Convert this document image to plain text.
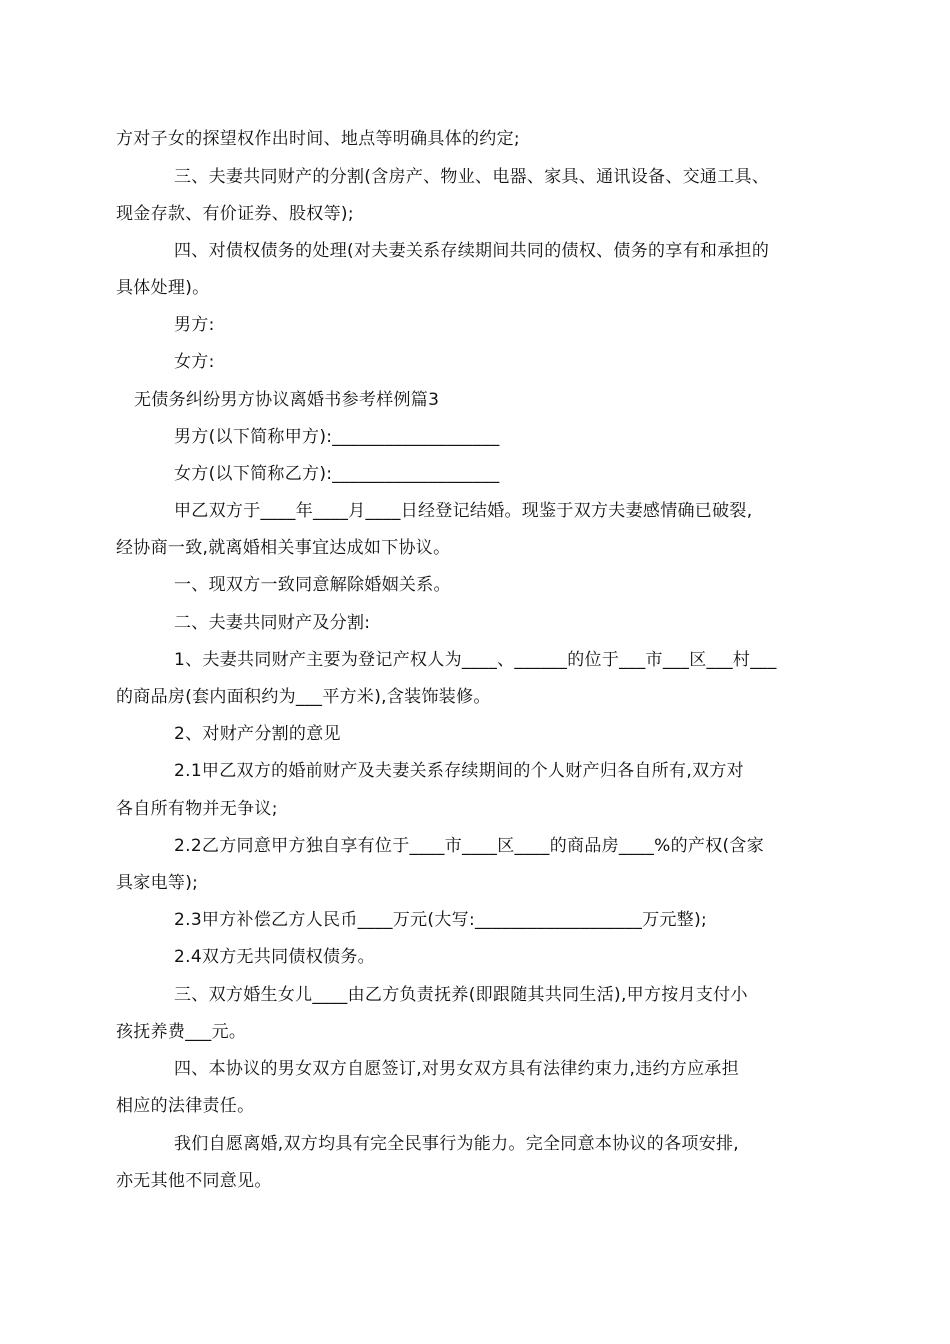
方对子女的探望权作出时间、地点等明确具体的约定;
三、夫妻共同财产的分割(含房产、物业、电器、家具、通讯设备、交通工具、
现金存款、有价证券、股权等);
四、对债权债务的处理(对夫妻关系存续期间共同的债权、债务的享有和承担的
具体处理)。
男方:
女方:
无债务纠纷男方协议离婚书参考样例篇3
男方(以下简称甲方):___________________
女方(以下简称乙方):___________________
甲乙双方于____年____月____日经登记结婚。现鉴于双方夫妻感情确已破裂,
经协商一致,就离婚相关事宜达成如下协议。
一、现双方一致同意解除婚姻关系。
二、夫妻共同财产及分割:
1、夫妻共同财产主要为登记产权人为____、______的位于___市___区___村___
的商品房(套内面积约为___平方米),含装饰装修。
2、对财产分割的意见
2.1甲乙双方的婚前财产及夫妻关系存续期间的个人财产归各自所有,双方对
各自所有物并无争议;
2.2乙方同意甲方独自享有位于____市____区____的商品房____%的产权(含家
具家电等);
2.3甲方补偿乙方人民币____万元(大写:___________________万元整);
2.4双方无共同债权债务。
三、双方婚生女儿____由乙方负责抚养(即跟随其共同生活),甲方按月支付小
孩抚养费___元。
四、本协议的男女双方自愿签订,对男女双方具有法律约束力,违约方应承担
相应的法律责任。
我们自愿离婚,双方均具有完全民事行为能力。完全同意本协议的各项安排,
亦无其他不同意见。
